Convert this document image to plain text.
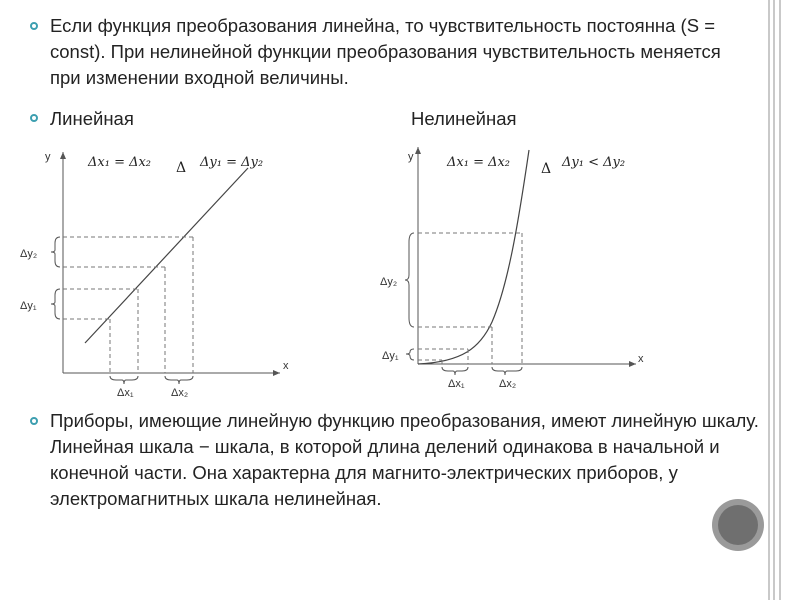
Если функция преобразования линейна, то чувствительность постоянна (S = const). При нелинейной функции преобразования чувствительность меняется при изменении входной величины.
Линейная	Нелинейная
y
x
Δy₂
Δy₁
Δx₁	Δx₂
Δx₁ = Δx₂ Δ Δy₁ = Δy₂	y
x
Δy₂
Δy₁
Δx₁	Δx₂
Δx₁ = Δx₂ Δ Δy₁ < Δy₂
Приборы, имеющие линейную функцию преобразования, имеют линейную шкалу. Линейная шкала − шкала, в которой длина делений одинакова в начальной и конечной части. Она характерна для магнито-электрических приборов, у электромагнитных шкала нелинейная.
